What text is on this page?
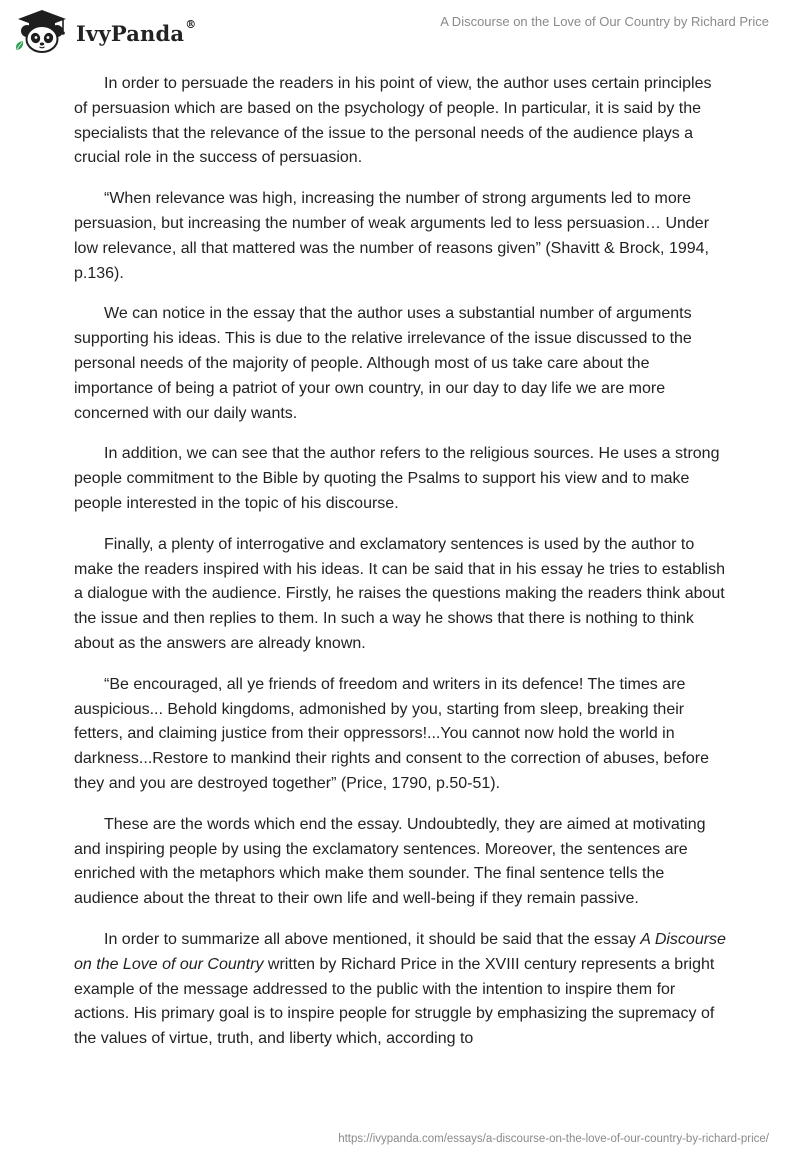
IvyPanda®	A Discourse on the Love of Our Country by Richard Price

In order to persuade the readers in his point of view, the author uses certain principles of persuasion which are based on the psychology of people. In particular, it is said by the specialists that the relevance of the issue to the personal needs of the audience plays a crucial role in the success of persuasion.

“When relevance was high, increasing the number of strong arguments led to more persuasion, but increasing the number of weak arguments led to less persuasion… Under low relevance, all that mattered was the number of reasons given” (Shavitt & Brock, 1994, p.136).

We can notice in the essay that the author uses a substantial number of arguments supporting his ideas. This is due to the relative irrelevance of the issue discussed to the personal needs of the majority of people. Although most of us take care about the importance of being a patriot of your own country, in our day to day life we are more concerned with our daily wants.

In addition, we can see that the author refers to the religious sources. He uses a strong people commitment to the Bible by quoting the Psalms to support his view and to make people interested in the topic of his discourse.

Finally, a plenty of interrogative and exclamatory sentences is used by the author to make the readers inspired with his ideas. It can be said that in his essay he tries to establish a dialogue with the audience. Firstly, he raises the questions making the readers think about the issue and then replies to them. In such a way he shows that there is nothing to think about as the answers are already known.

“Be encouraged, all ye friends of freedom and writers in its defence! The times are auspicious... Behold kingdoms, admonished by you, starting from sleep, breaking their fetters, and claiming justice from their oppressors!...You cannot now hold the world in darkness...Restore to mankind their rights and consent to the correction of abuses, before they and you are destroyed together” (Price, 1790, p.50-51).

These are the words which end the essay. Undoubtedly, they are aimed at motivating and inspiring people by using the exclamatory sentences. Moreover, the sentences are enriched with the metaphors which make them sounder. The final sentence tells the audience about the threat to their own life and well-being if they remain passive.

In order to summarize all above mentioned, it should be said that the essay A Discourse on the Love of our Country written by Richard Price in the XVIII century represents a bright example of the message addressed to the public with the intention to inspire them for actions. His primary goal is to inspire people for struggle by emphasizing the supremacy of the values of virtue, truth, and liberty which, according to

https://ivypanda.com/essays/a-discourse-on-the-love-of-our-country-by-richard-price/
